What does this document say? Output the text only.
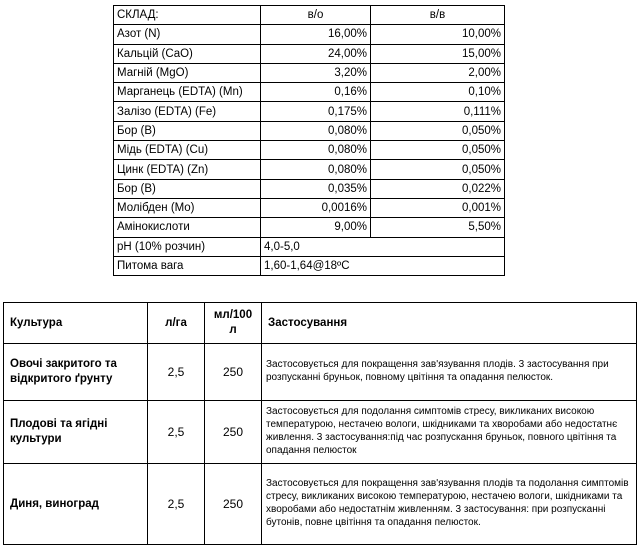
СКЛАД:	в/о	в/в
Азот (N)	16,00%	10,00%
Кальцій (CaO)	24,00%	15,00%
Магній (MgO)	3,20%	2,00%
Марганець (EDTA) (Mn)	0,16%	0,10%
Залізо (EDTA) (Fe)	0,175%	0,111%
Бор (B)	0,080%	0,050%
Мідь (EDTA) (Cu)	0,080%	0,050%
Цинк (EDTA) (Zn)	0,080%	0,050%
Бор (B)	0,035%	0,022%
Молібден (Mo)	0,0016%	0,001%
Амінокислоти	9,00%	5,50%
pH (10% розчин)	4,0-5,0	
Питома вага	1,60-1,64@18ºC	
Культура	л/га	мл/100 л	Застосування
Овочі закритого та відкритого ґрунту	2,5	250	Застосовується для покращення зав'язування плодів. 3 застосування при розпусканні бруньок, повному цвітіння та опадання пелюсток.
Плодові та ягідні культури	2,5	250	Застосовується для подолання симптомів стресу, викликаних високою температурою, нестачею вологи, шкідниками та хворобами або недостатнє живлення. 3 застосування:під час розпускання бруньок, повного цвітіння та опадання пелюсток
Диня, виноград	2,5	250	Застосовується для покращення зав'язування плодів та подолання симптомів стресу, викликаних високою температурою, нестачею вологи, шкідниками та хворобами або недостатнім живленням. 3 застосування: при розпусканні бутонів, повне цвітіння та опадання пелюсток.
